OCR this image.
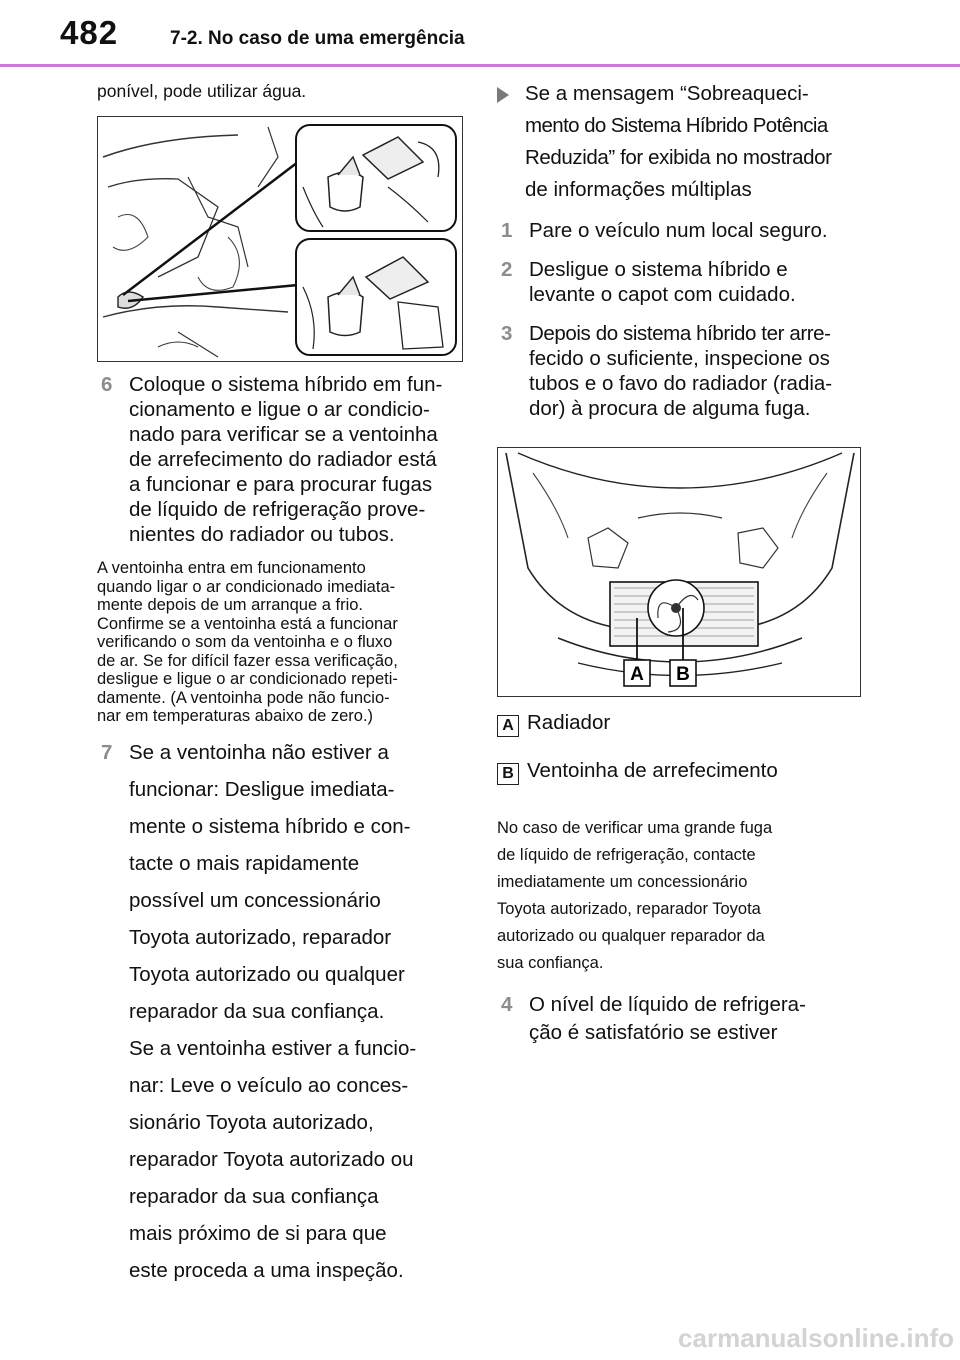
482	7-2. No caso de uma emergência

ponível, pode utilizar água.

6 Coloque o sistema híbrido em fun-
cionamento e ligue o ar condicio-
nado para verificar se a ventoinha
de arrefecimento do radiador está
a funcionar e para procurar fugas
de líquido de refrigeração prove-
nientes do radiador ou tubos.
A ventoinha entra em funcionamento
quando ligar o ar condicionado imediata-
mente depois de um arranque a frio.
Confirme se a ventoinha está a funcionar
verificando o som da ventoinha e o fluxo
de ar. Se for difícil fazer essa verificação,
desligue e ligue o ar condicionado repeti-
damente. (A ventoinha pode não funcio-
nar em temperaturas abaixo de zero.)
7 Se a ventoinha não estiver a
funcionar: Desligue imediata-
mente o sistema híbrido e con-
tacte o mais rapidamente
possível um concessionário
Toyota autorizado, reparador
Toyota autorizado ou qualquer
reparador da sua confiança.
Se a ventoinha estiver a funcio-
nar: Leve o veículo ao conces-
sionário Toyota autorizado,
reparador Toyota autorizado ou
reparador da sua confiança
mais próximo de si para que
este proceda a uma inspeção.
Se a mensagem “Sobreaqueci-
mento do Sistema Híbrido Potência
Reduzida” for exibida no mostrador
de informações múltiplas
1 Pare o veículo num local seguro.
2 Desligue o sistema híbrido e
levante o capot com cuidado.
3 Depois do sistema híbrido ter arre-
fecido o suficiente, inspecione os
tubos e o favo do radiador (radia-
dor) à procura de alguma fuga.
A B
A Radiador
B Ventoinha de arrefecimento
No caso de verificar uma grande fuga
de líquido de refrigeração, contacte
imediatamente um concessionário
Toyota autorizado, reparador Toyota
autorizado ou qualquer reparador da
sua confiança.
4 O nível de líquido de refrigera-
ção é satisfatório se estiver
carmanualsonline.info
